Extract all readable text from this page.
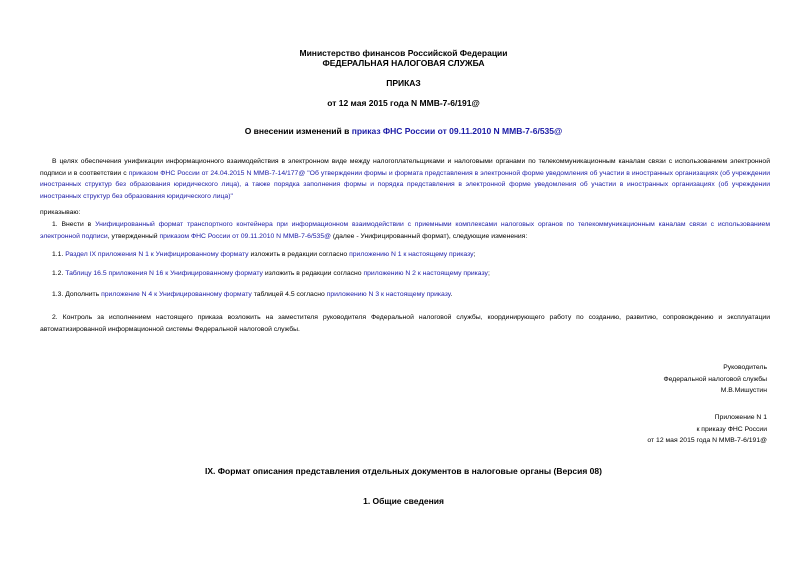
Министерство финансов Российской Федерации
ФЕДЕРАЛЬНАЯ НАЛОГОВАЯ СЛУЖБА
ПРИКАЗ
от 12 мая 2015 года N ММВ-7-6/191@
О внесении изменений в приказ ФНС России от 09.11.2010 N ММВ-7-6/535@
В целях обеспечения унификации информационного взаимодействия в электронном виде между налогоплательщиками и налоговыми органами по телекоммуникационным каналам связи с использованием электронной подписи и в соответствии с приказом ФНС России от 24.04.2015 N ММВ-7-14/177@ "Об утверждении формы и формата представления в электронной форме уведомления об участии в иностранных организациях (об учреждении иностранных структур без образования юридического лица), а также порядка заполнения формы и порядка представления в электронной форме уведомления об участии в иностранных организациях (об учреждении иностранных структур без образования юридического лица)"
приказываю:
1. Внести в Унифицированный формат транспортного контейнера при информационном взаимодействии с приемными комплексами налоговых органов по телекоммуникационным каналам связи с использованием электронной подписи, утвержденный приказом ФНС России от 09.11.2010 N ММВ-7-6/535@ (далее - Унифицированный формат), следующие изменения:
1.1. Раздел IX приложения N 1 к Унифицированному формату изложить в редакции согласно приложению N 1 к настоящему приказу;
1.2. Таблицу 16.5 приложения N 16 к Унифицированному формату изложить в редакции согласно приложению N 2 к настоящему приказу;
1.3. Дополнить приложение N 4 к Унифицированному формату таблицей 4.5 согласно приложению N 3 к настоящему приказу.
2. Контроль за исполнением настоящего приказа возложить на заместителя руководителя Федеральной налоговой службы, координирующего работу по созданию, развитию, сопровождению и эксплуатации автоматизированной информационной системы Федеральной налоговой службы.
Руководитель
Федеральной налоговой службы
М.В.Мишустин
Приложение N 1
к приказу ФНС России
от 12 мая 2015 года N ММВ-7-6/191@
IX. Формат описания представления отдельных документов в налоговые органы (Версия 08)
1. Общие сведения
